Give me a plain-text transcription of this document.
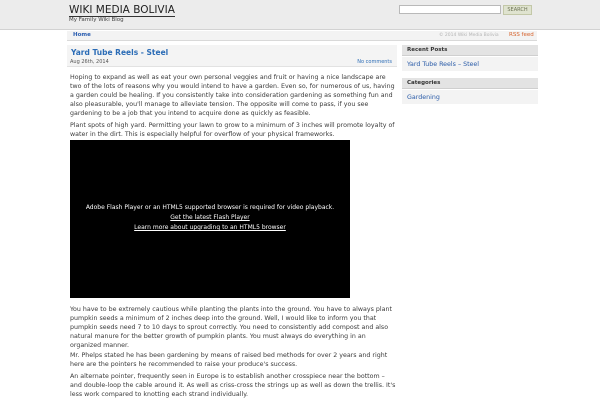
WIKI MEDIA BOLIVIA
My Family Wiki Blog
SEARCH
Home	© 2014 Wiki Media Bolivia RSS feed
Yard Tube Reels - Steel
Aug 26th, 2014	No comments

Hoping to expand as well as eat your own personal veggies and fruit or having a nice landscape are two of the lots of reasons why you would intend to have a garden. Even so, for numerous of us, having a garden could be healing. If you consistently take into consideration gardening as something fun and also pleasurable, you'll manage to alleviate tension. The opposite will come to pass, if you see gardening to be a job that you intend to acquire done as quickly as feasible.

Plant spots of high yard. Permitting your lawn to grow to a minimum of 3 inches will promote loyalty of water in the dirt. This is especially helpful for overflow of your physical frameworks.

Adobe Flash Player or an HTML5 supported browser is required for video playback.
Get the latest Flash Player
Learn more about upgrading to an HTML5 browser

You have to be extremely cautious while planting the plants into the ground. You have to always plant pumpkin seeds a minimum of 2 inches deep into the ground. Well, I would like to inform you that pumpkin seeds need 7 to 10 days to sprout correctly. You need to consistently add compost and also natural manure for the better growth of pumpkin plants. You must always do everything in an organized manner.

Mr. Phelps stated he has been gardening by means of raised bed methods for over 2 years and right here are the pointers he recommended to raise your produce's success.

An alternate pointer, frequently seen in Europe is to establish another crosspiece near the bottom – and double-loop the cable around it. As well as criss-cross the strings up as well as down the trellis. It's less work compared to knotting each strand individually.

Recent Posts
Yard Tube Reels – Steel
Categories
Gardening
